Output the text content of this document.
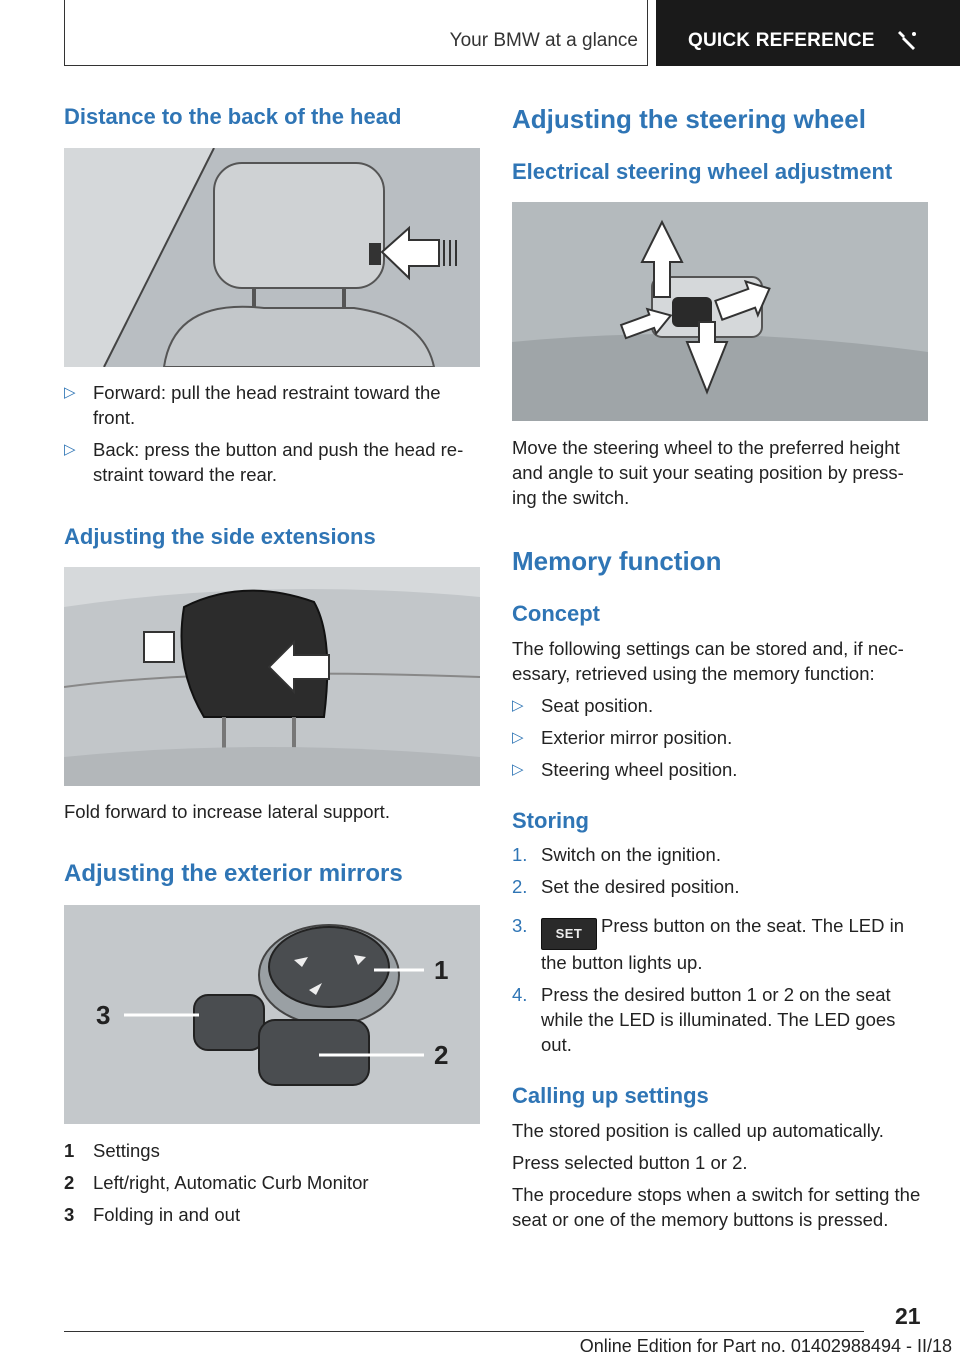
Your BMW at a glance	QUICK REFERENCE
Distance to the back of the head
▷ Forward: pull the head restraint toward the front.
▷ Back: press the button and push the head re‐straint toward the rear.
Adjusting the side extensions
Fold forward to increase lateral support.
Adjusting the exterior mirrors
1
2
3
1 Settings
2 Left/right, Automatic Curb Monitor
3 Folding in and out
Adjusting the steering wheel
Electrical steering wheel adjustment
Move the steering wheel to the preferred height and angle to suit your seating position by press‐ing the switch.
Memory function
Concept
The following settings can be stored and, if nec‐essary, retrieved using the memory function:
▷ Seat position.
▷ Exterior mirror position.
▷ Steering wheel position.
Storing
1. Switch on the ignition.
2. Set the desired position.
3. SET Press button on the seat. The LED in the button lights up.
4. Press the desired button 1 or 2 on the seat while the LED is illuminated. The LED goes out.
Calling up settings
The stored position is called up automatically.
Press selected button 1 or 2.
The procedure stops when a switch for setting the seat or one of the memory buttons is pressed.
21
Online Edition for Part no. 01402988494 - II/18
